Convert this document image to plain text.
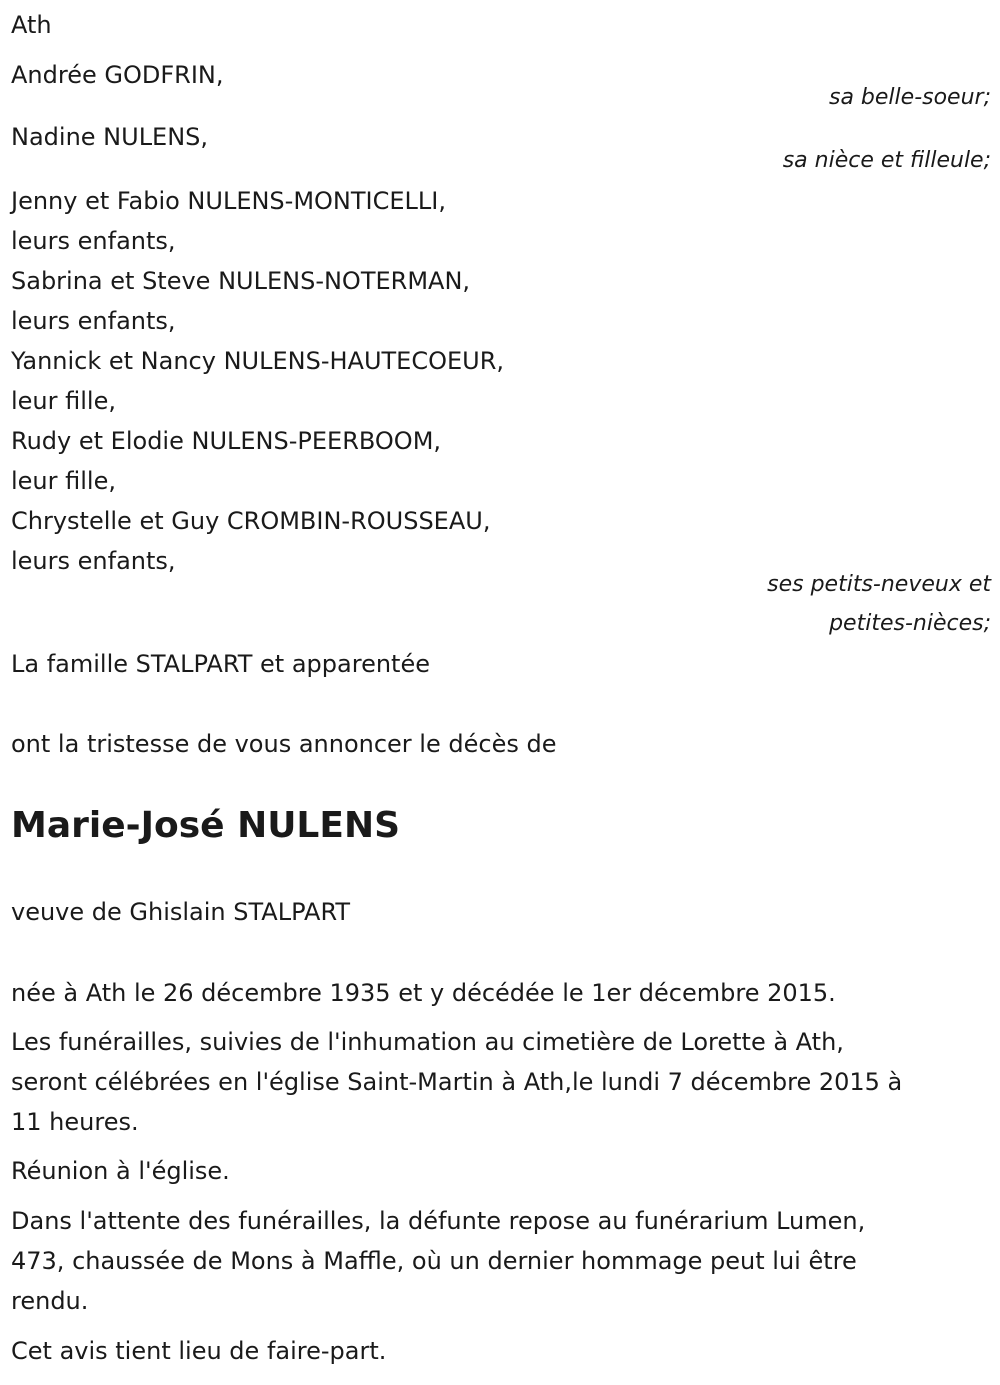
Ath
Andrée GODFRIN,
sa belle-soeur;
Nadine NULENS,
sa nièce et filleule;
Jenny et Fabio NULENS-MONTICELLI,
leurs enfants,
Sabrina et Steve NULENS-NOTERMAN,
leurs enfants,
Yannick et Nancy NULENS-HAUTECOEUR,
leur fille,
Rudy et Elodie NULENS-PEERBOOM,
leur fille,
Chrystelle et Guy CROMBIN-ROUSSEAU,
leurs enfants,
ses petits-neveux et
petites-nièces;
La famille STALPART et apparentée
ont la tristesse de vous annoncer le décès de
Marie-José NULENS
veuve de Ghislain STALPART
née à Ath le 26 décembre 1935 et y décédée le 1er décembre 2015.
Les funérailles, suivies de l'inhumation au cimetière de Lorette à Ath,
seront célébrées en l'église Saint-Martin à Ath,le lundi 7 décembre 2015 à
11 heures.
Réunion à l'église.
Dans l'attente des funérailles, la défunte repose au funérarium Lumen,
473, chaussée de Mons à Maffle, où un dernier hommage peut lui être
rendu.
Cet avis tient lieu de faire-part.
